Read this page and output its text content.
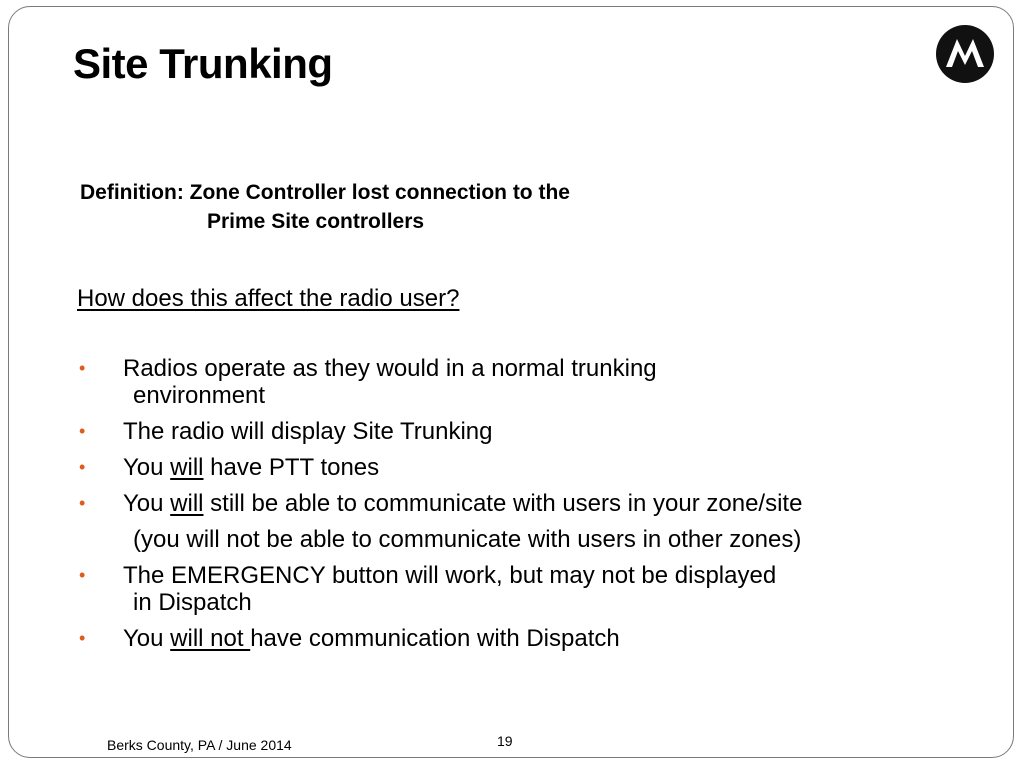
Site Trunking
Definition: Zone Controller lost connection to the
Prime Site controllers
How does this affect the radio user?
• Radios operate as they would in a normal trunking
environment
• The radio will display Site Trunking
• You will have PTT tones
• You will still be able to communicate with users in your zone/site
(you will not be able to communicate with users in other zones)
• The EMERGENCY button will work, but may not be displayed
in Dispatch
• You will not have communication with Dispatch
Berks County, PA / June 2014	19
